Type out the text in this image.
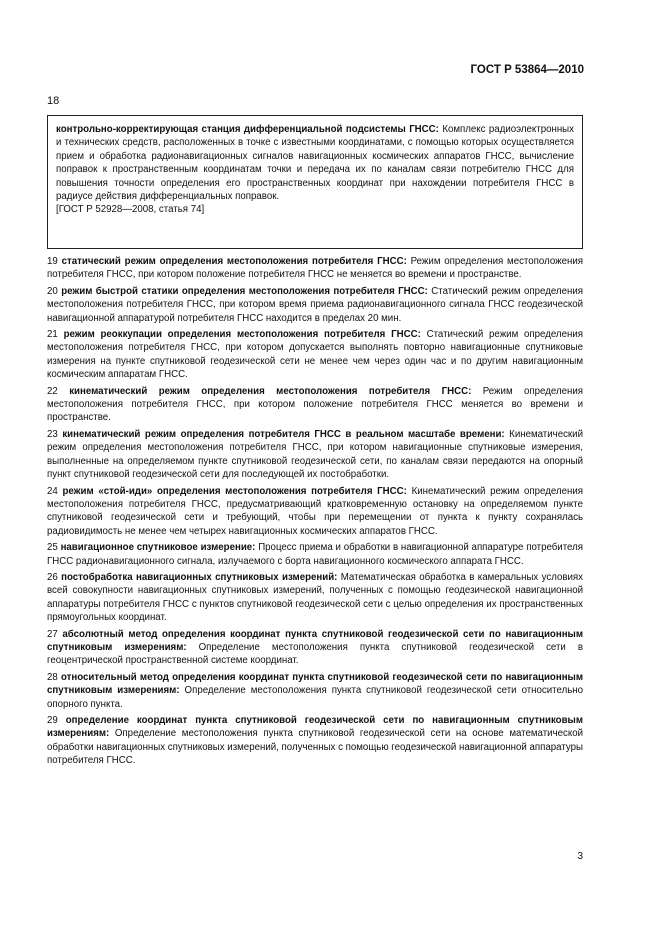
ГОСТ Р 53864—2010
18

контрольно-корректирующая станция дифференциальной подсистемы ГНСС: Комплекс радиоэлектронных и технических средств, расположенных в точке с известными координатами, с помощью которых осуществляется прием и обработка радионавигационных сигналов навигационных космических аппаратов ГНСС, вычисление поправок к пространственным координатам точки и передача их по каналам связи потребителю ГНСС для повышения точности определения его пространственных координат при нахождении потребителя ГНСС в радиусе действия дифференциальных поправок.

[ГОСТ Р 52928—2008, статья 74]

19 статический режим определения местоположения потребителя ГНСС: Режим определения местоположения потребителя ГНСС, при котором положение потребителя ГНСС не меняется во времени и пространстве.

20 режим быстрой статики определения местоположения потребителя ГНСС: Статический режим определения местоположения потребителя ГНСС, при котором время приема радионавигационного сигнала ГНСС геодезической навигационной аппаратурой потребителя ГНСС находится в пределах 20 мин.

21 режим реоккупации определения местоположения потребителя ГНСС: Статический режим определения местоположения потребителя ГНСС, при котором допускается выполнять повторно навигационные спутниковые измерения на пункте спутниковой геодезической сети не менее чем через один час и по другим навигационным космическим аппаратам ГНСС.

22 кинематический режим определения местоположения потребителя ГНСС: Режим определения местоположения потребителя ГНСС, при котором положение потребителя ГНСС меняется во времени и пространстве.

23 кинематический режим определения потребителя ГНСС в реальном масштабе времени: Кинематический режим определения местоположения потребителя ГНСС, при котором навигационные спутниковые измерения, выполненные на определяемом пункте спутниковой геодезической сети, по каналам связи передаются на опорный пункт спутниковой геодезической сети для последующей их постобработки.

24 режим «стой-иди» определения местоположения потребителя ГНСС: Кинематический режим определения местоположения потребителя ГНСС, предусматривающий кратковременную остановку на определяемом пункте спутниковой геодезической сети и требующий, чтобы при перемещении от пункта к пункту сохранялась радиовидимость не менее чем четырех навигационных космических аппаратов ГНСС.

25 навигационное спутниковое измерение: Процесс приема и обработки в навигационной аппаратуре потребителя ГНСС радионавигационного сигнала, излучаемого с борта навигационного космического аппарата ГНСС.

26 постобработка навигационных спутниковых измерений: Математическая обработка в камеральных условиях всей совокупности навигационных спутниковых измерений, полученных с помощью геодезической навигационной аппаратуры потребителя ГНСС с пунктов спутниковой геодезической сети с целью определения их пространственных прямоугольных координат.

27 абсолютный метод определения координат пункта спутниковой геодезической сети по навигационным спутниковым измерениям: Определение местоположения пункта спутниковой геодезической сети в геоцентрической пространственной системе координат.

28 относительный метод определения координат пункта спутниковой геодезической сети по навигационным спутниковым измерениям: Определение местоположения пункта спутниковой геодезической сети относительно опорного пункта.

29 определение координат пункта спутниковой геодезической сети по навигационным спутниковым измерениям: Определение местоположения пункта спутниковой геодезической сети на основе математической обработки навигационных спутниковых измерений, полученных с помощью геодезической навигационной аппаратуры потребителя ГНСС.

3
